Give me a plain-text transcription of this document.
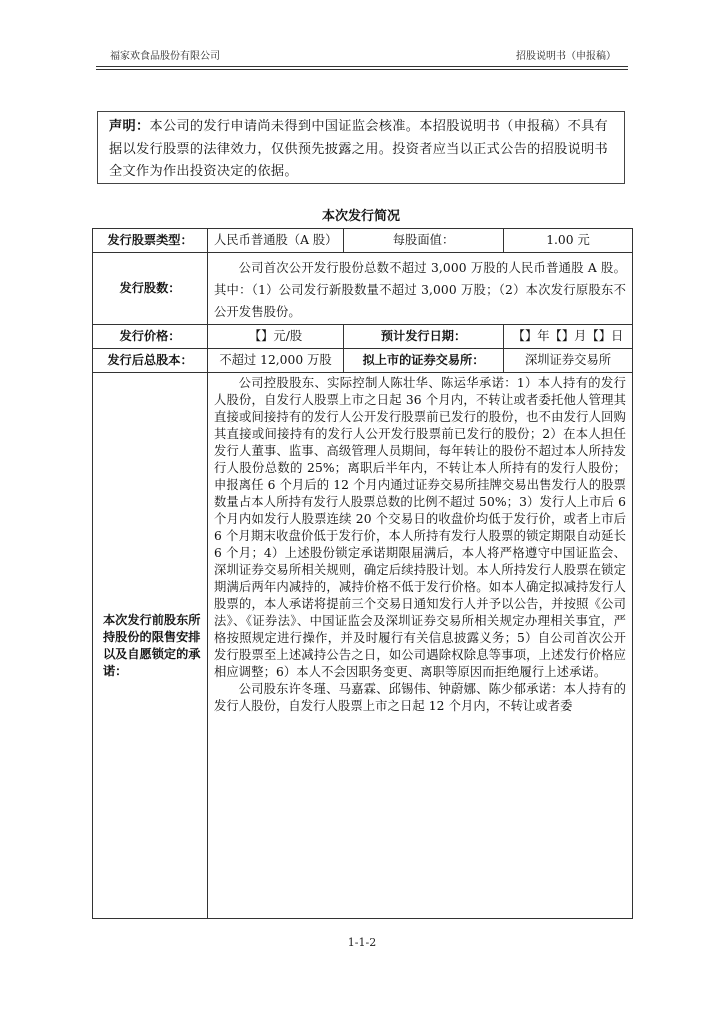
福家欢食品股份有限公司	招股说明书（申报稿）
声明：本公司的发行申请尚未得到中国证监会核准。本招股说明书（申报稿）不具有据以发行股票的法律效力，仅供预先披露之用。投资者应当以正式公告的招股说明书全文作为作出投资决定的依据。
本次发行简况
发行股票类型：	人民币普通股（A 股）	每股面值：	1.00 元
发行股数：	公司首次公开发行股份总数不超过 3,000 万股的人民币普通股 A 股。其中：（1）公司发行新股数量不超过 3,000 万股；（2）本次发行原股东不公开发售股份。		

发行价格：	【】元/股	预计发行日期：	【】年【】月【】日
发行后总股本：	不超过 12,000 万股	拟上市的证券交易所：	深圳证券交易所
本次发行前股东所持股份的限售安排以及自愿锁定的承诺：	公司控股股东、实际控制人陈壮华、陈运华承诺：1）本人持有的发行人股份，自发行人股票上市之日起 36 个月内，不转让或者委托他人管理其直接或间接持有的发行人公开发行股票前已发行的股份，也不由发行人回购其直接或间接持有的发行人公开发行股票前已发行的股份；2）在本人担任发行人董事、监事、高级管理人员期间，每年转让的股份不超过本人所持发行人股份总数的 25%；离职后半年内，不转让本人所持有的发行人股份；申报离任 6 个月后的 12 个月内通过证券交易所挂牌交易出售发行人的股票数量占本人所持有发行人股票总数的比例不超过 50%；3）发行人上市后 6 个月内如发行人股票连续 20 个交易日的收盘价均低于发行价，或者上市后 6 个月期末收盘价低于发行价，本人所持有发行人股票的锁定期限自动延长 6 个月；4）上述股份锁定承诺期限届满后，本人将严格遵守中国证监会、深圳证券交易所相关规则，确定后续持股计划。本人所持发行人股票在锁定期满后两年内减持的，减持价格不低于发行价格。如本人确定拟减持发行人股票的，本人承诺将提前三个交易日通知发行人并予以公告，并按照《公司法》、《证券法》、中国证监会及深圳证券交易所相关规定办理相关事宜，严格按照规定进行操作，并及时履行有关信息披露义务；5）自公司首次公开发行股票至上述减持公告之日，如公司遇除权除息等事项，上述发行价格应相应调整；6）本人不会因职务变更、离职等原因而拒绝履行上述承诺。
公司股东许冬瑾、马嘉霖、邱锡伟、钟蔚娜、陈少郁承诺：本人持有的发行人股份，自发行人股票上市之日起 12 个月内，不转让或者委		
1-1-2
